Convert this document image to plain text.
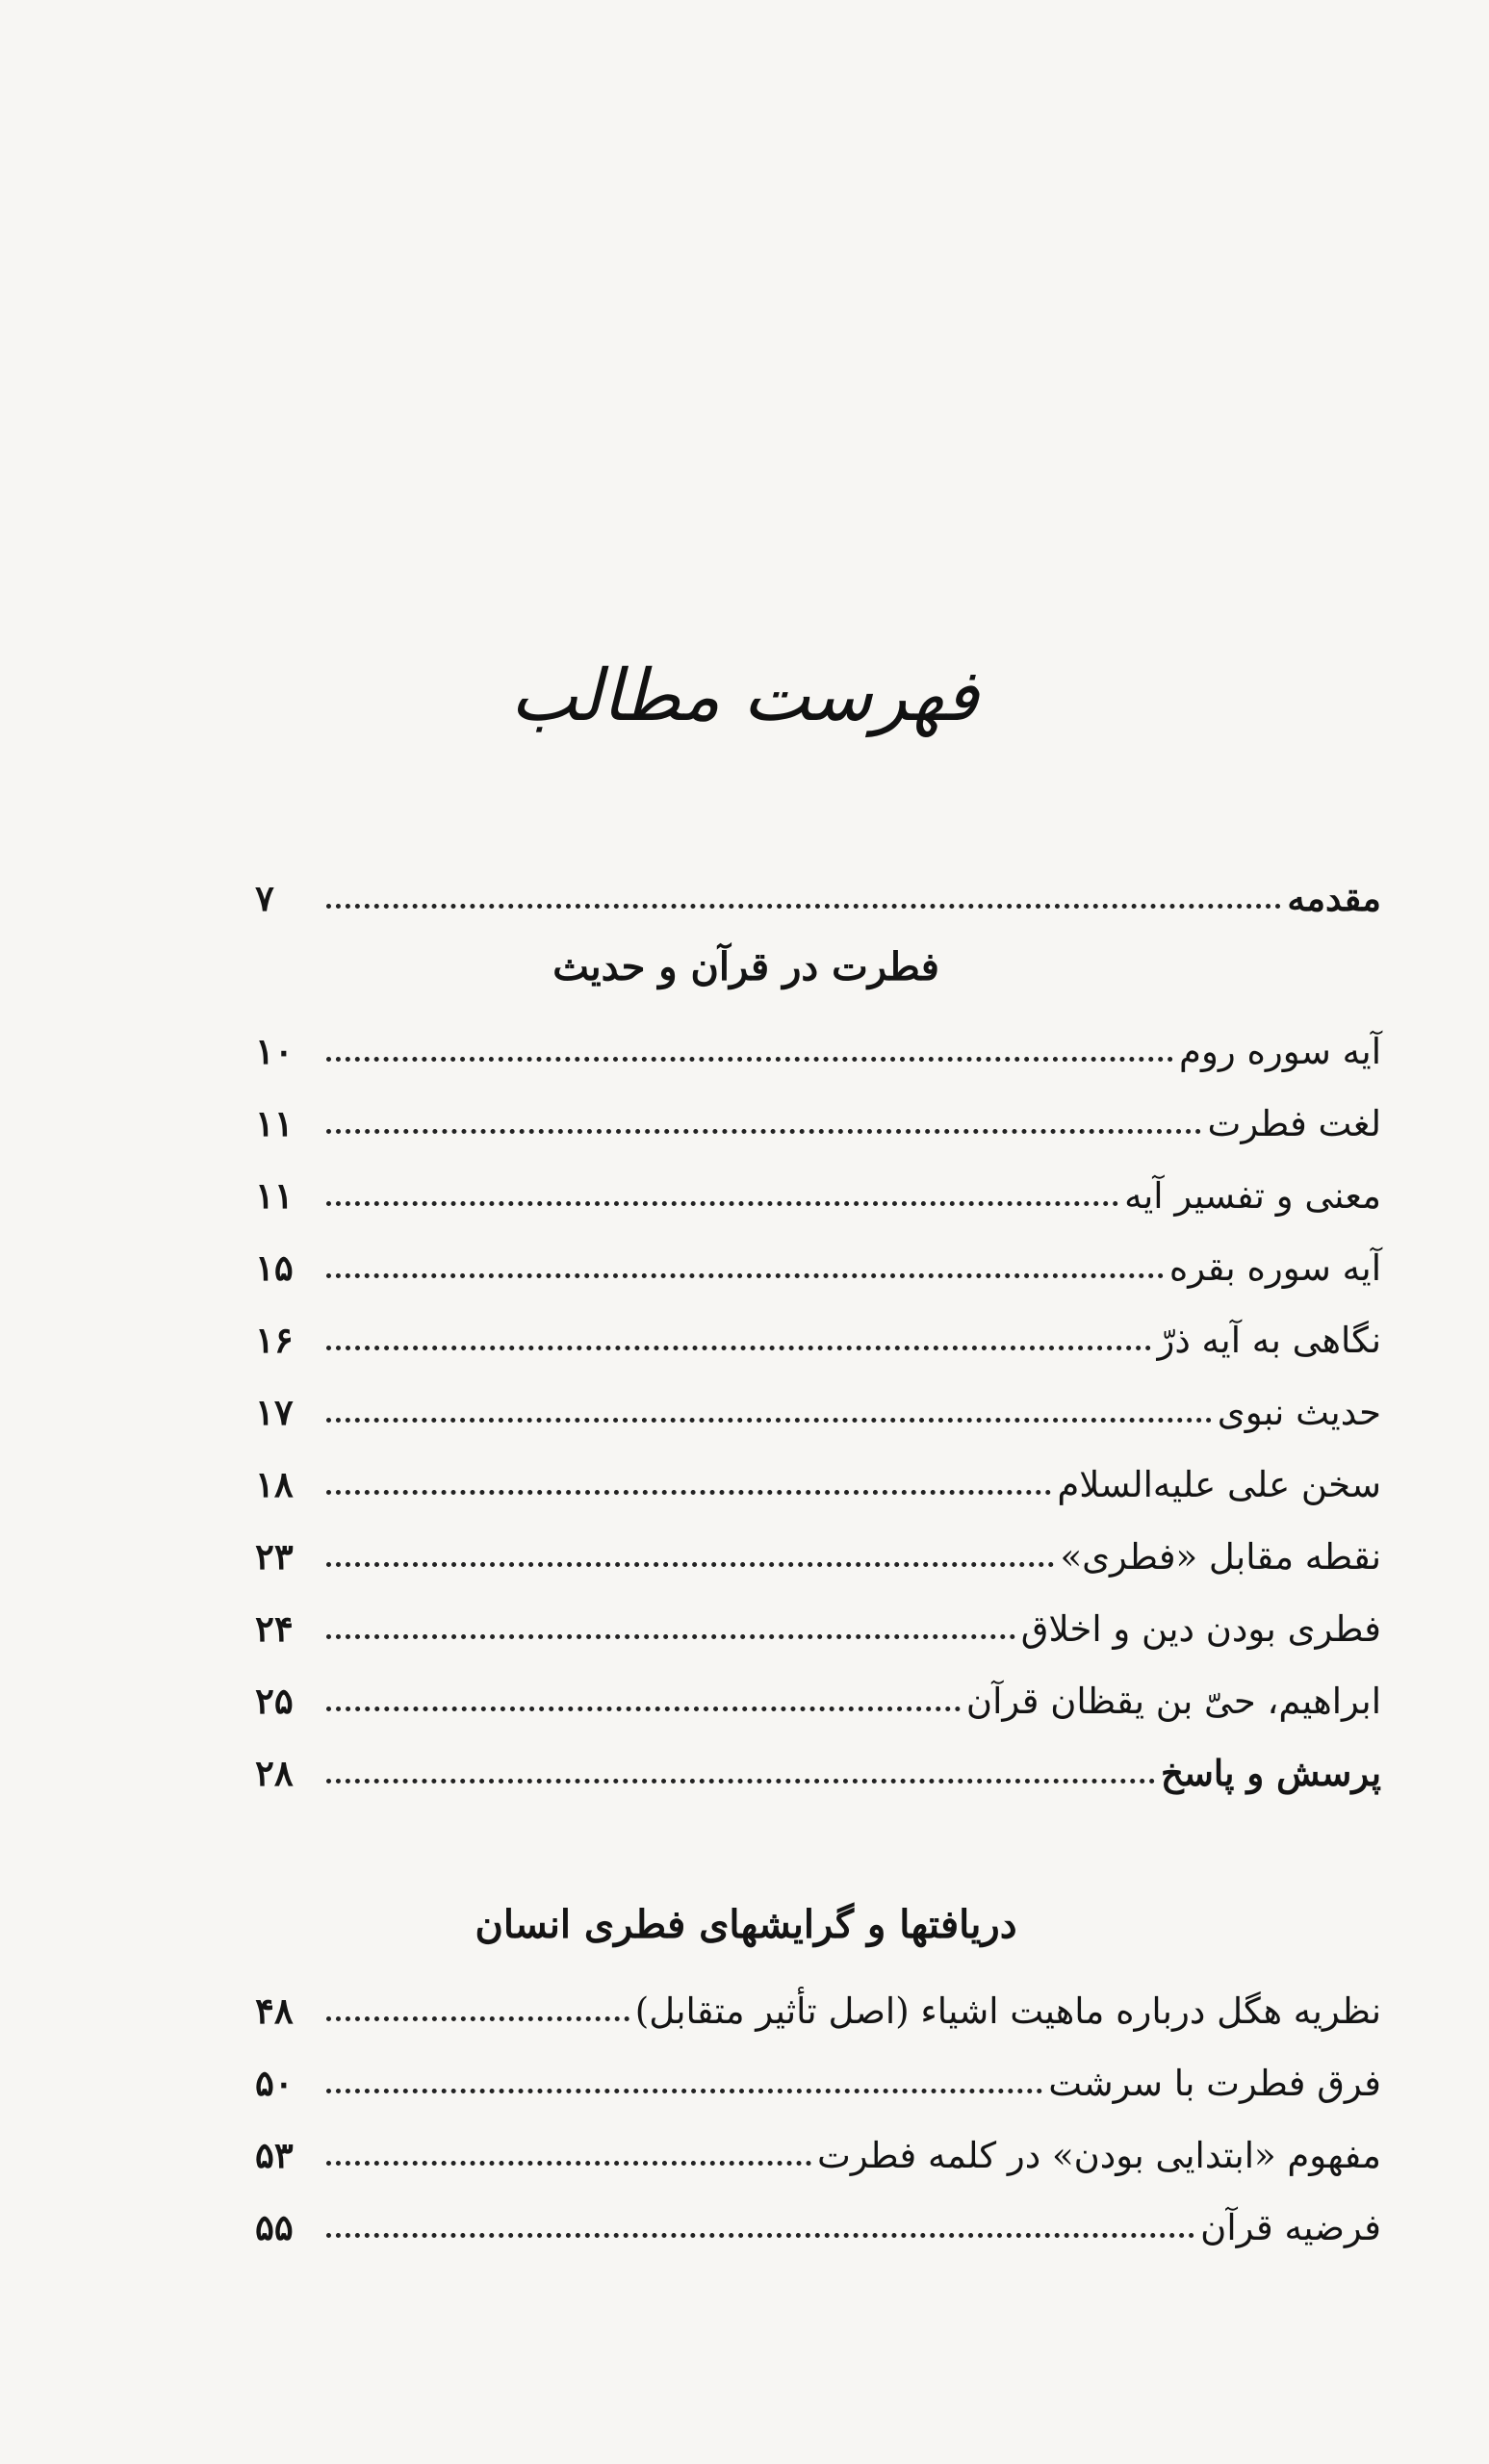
فهرست مطالب
مقدمه
۷
فطرت در قرآن و حدیث
آیه سوره روم
۱۰
لغت فطرت
۱۱
معنی و تفسیر آیه
۱۱
آیه سوره بقره
۱۵
نگاهی به آیه ذرّ
۱۶
حدیث نبوی
۱۷
سخن علی علیه‌السلام
۱۸
نقطه مقابل «فطری»
۲۳
فطری بودن دین و اخلاق
۲۴
ابراهیم، حیّ بن یقظان قرآن
۲۵
پرسش و پاسخ
۲۸
دریافتها و گرایشهای فطری انسان
نظریه هگل درباره ماهیت اشیاء (اصل تأثیر متقابل)
۴۸
فرق فطرت با سرشت
۵۰
مفهوم «ابتدایی بودن» در کلمه فطرت
۵۳
فرضیه قرآن
۵۵
